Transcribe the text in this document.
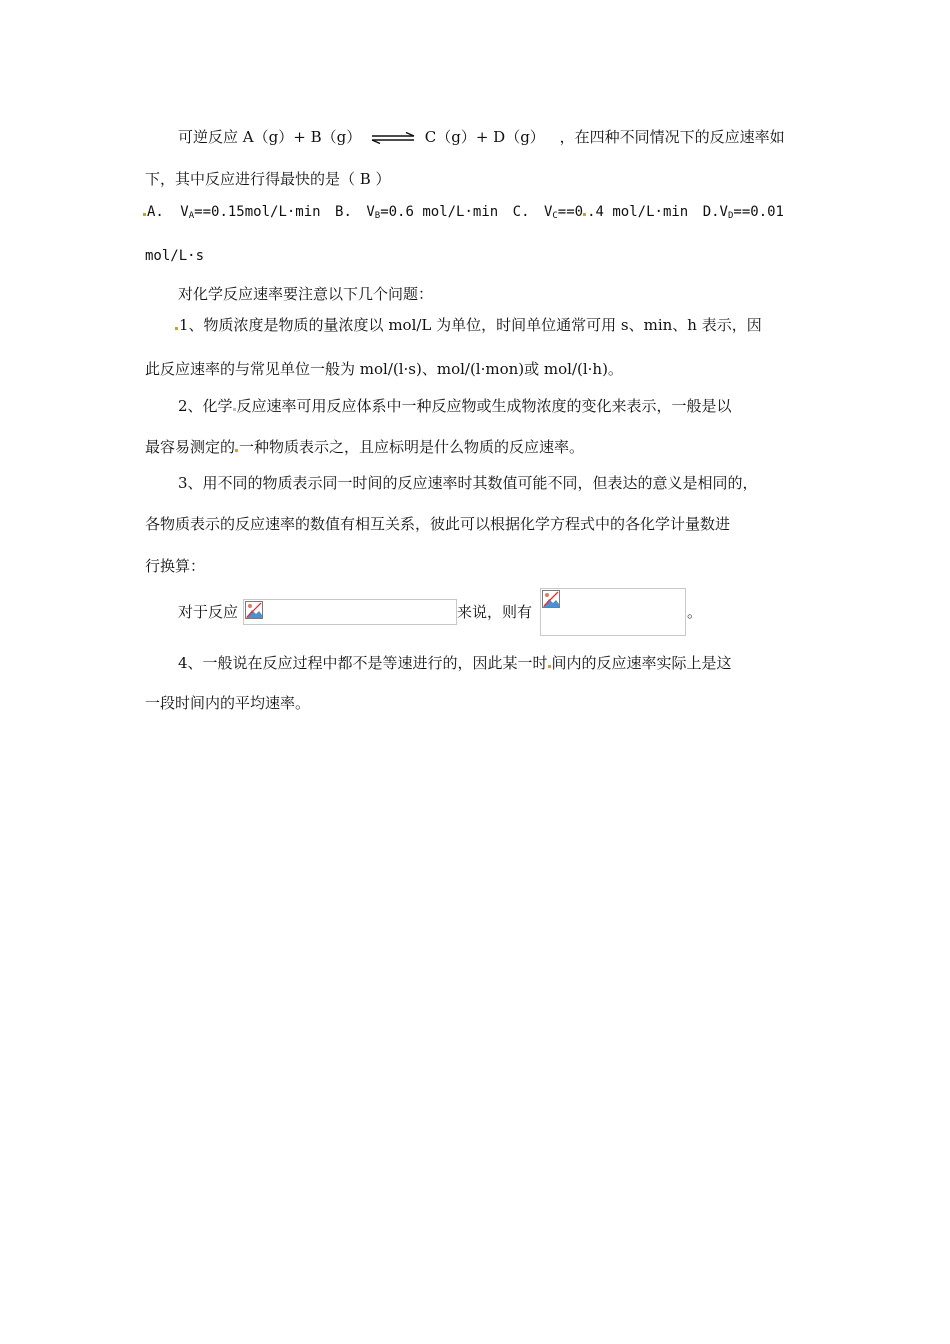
可逆反应 A（g）+ B（g） ⇌ C（g）+ D（g） ，在四种不同情况下的反应速率如
下，其中反应进行得最快的是（ B ）
A. $V_A==0.15mol/L\cdot\min$ B. $V_B=0.6$ mol/L·min C. $V_C==0$ .4 mol/L·min $D.V_D==0.01$
mol/L·s
对化学反应速率要注意以下几个问题：
1、物质浓度是物质的量浓度以 mol/L 为单位，时间单位通常可用 s、min、h 表示，因
此反应速率的与常见单位一般为 mol/(l·s)、mol/(l·mon)或 mol/(l·h)。
2、化学 反应速率可用反应体系中一种反应物或生成物浓度的变化来表示，一般是以
最容易测定的 一种物质表示之，且应标明是什么物质的反应速率。
3、用不同的物质表示同一时间的反应速率时其数值可能不同，但表达的意义是相同的，
各物质表示的反应速率的数值有相互关系，彼此可以根据化学方程式中的各化学计量数进
行换算：
对于反应	来说，则有	。
4、一般说在反应过程中都不是等速进行的，因此某一时 间内的反应速率实际上是这
一段时间内的平均速率。
